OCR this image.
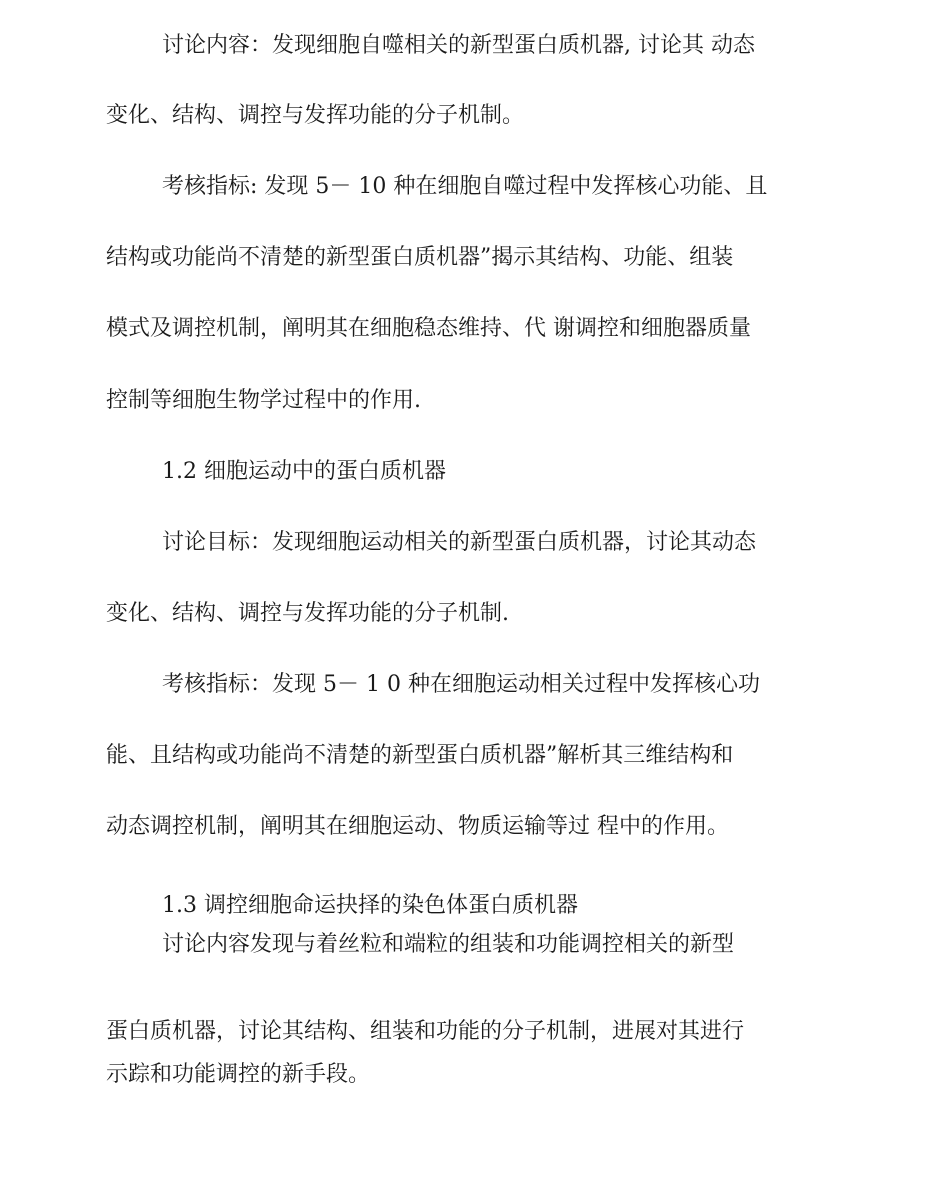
讨论内容：发现细胞自噬相关的新型蛋白质机器, 讨论其 动态
变化、结构、调控与发挥功能的分子机制。
考核指标: 发现 5－ 10 种在细胞自噬过程中发挥核心功能、且
结构或功能尚不清楚的新型蛋白质机器”揭示其结构、功能、组装
模式及调控机制，阐明其在细胞稳态维持、代 谢调控和细胞器质量
控制等细胞生物学过程中的作用.
1.2 细胞运动中的蛋白质机器
讨论目标：发现细胞运动相关的新型蛋白质机器，讨论其动态
变化、结构、调控与发挥功能的分子机制.
考核指标：发现 5－ 1 0 种在细胞运动相关过程中发挥核心功
能、且结构或功能尚不清楚的新型蛋白质机器”解析其三维结构和
动态调控机制，阐明其在细胞运动、物质运输等过 程中的作用。
1.3 调控细胞命运抉择的染色体蛋白质机器
讨论内容发现与着丝粒和端粒的组装和功能调控相关的新型
蛋白质机器，讨论其结构、组装和功能的分子机制，进展对其进行
示踪和功能调控的新手段。
